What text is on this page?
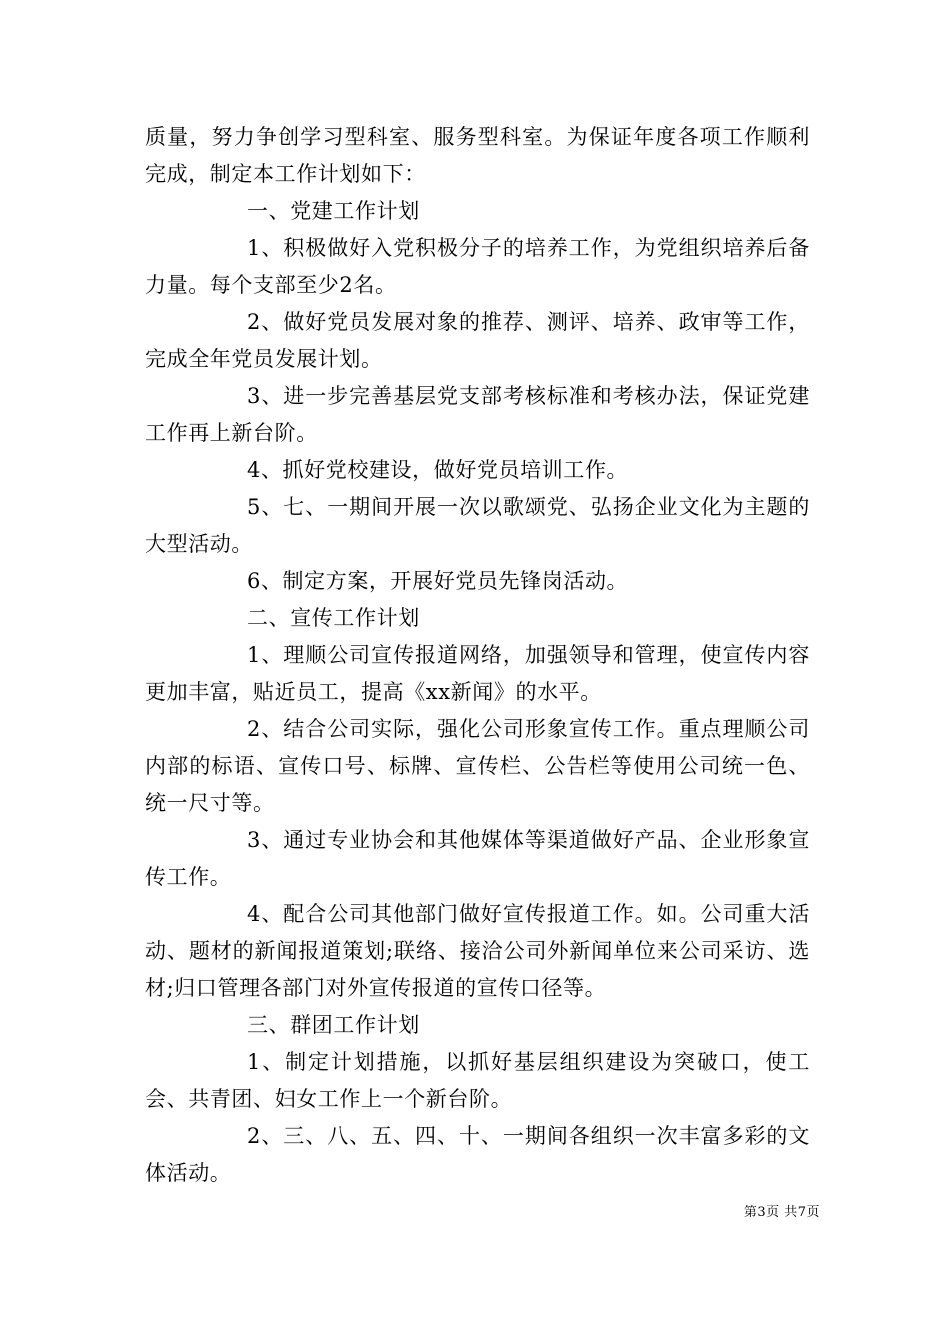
质量，努力争创学习型科室、服务型科室。为保证年度各项工作顺利完成，制定本工作计划如下：

一、党建工作计划

1、积极做好入党积极分子的培养工作，为党组织培养后备力量。每个支部至少2名。

2、做好党员发展对象的推荐、测评、培养、政审等工作，完成全年党员发展计划。

3、进一步完善基层党支部考核标准和考核办法，保证党建工作再上新台阶。

4、抓好党校建设，做好党员培训工作。

5、七、一期间开展一次以歌颂党、弘扬企业文化为主题的大型活动。

6、制定方案，开展好党员先锋岗活动。

二、宣传工作计划

1、理顺公司宣传报道网络，加强领导和管理，使宣传内容更加丰富，贴近员工，提高《xx新闻》的水平。

2、结合公司实际，强化公司形象宣传工作。重点理顺公司内部的标语、宣传口号、标牌、宣传栏、公告栏等使用公司统一色、统一尺寸等。

3、通过专业协会和其他媒体等渠道做好产品、企业形象宣传工作。

4、配合公司其他部门做好宣传报道工作。如。公司重大活动、题材的新闻报道策划;联络、接洽公司外新闻单位来公司采访、选材;归口管理各部门对外宣传报道的宣传口径等。

三、群团工作计划

1、制定计划措施，以抓好基层组织建设为突破口，使工会、共青团、妇女工作上一个新台阶。

2、三、八、五、四、十、一期间各组织一次丰富多彩的文体活动。

第3页 共7页
